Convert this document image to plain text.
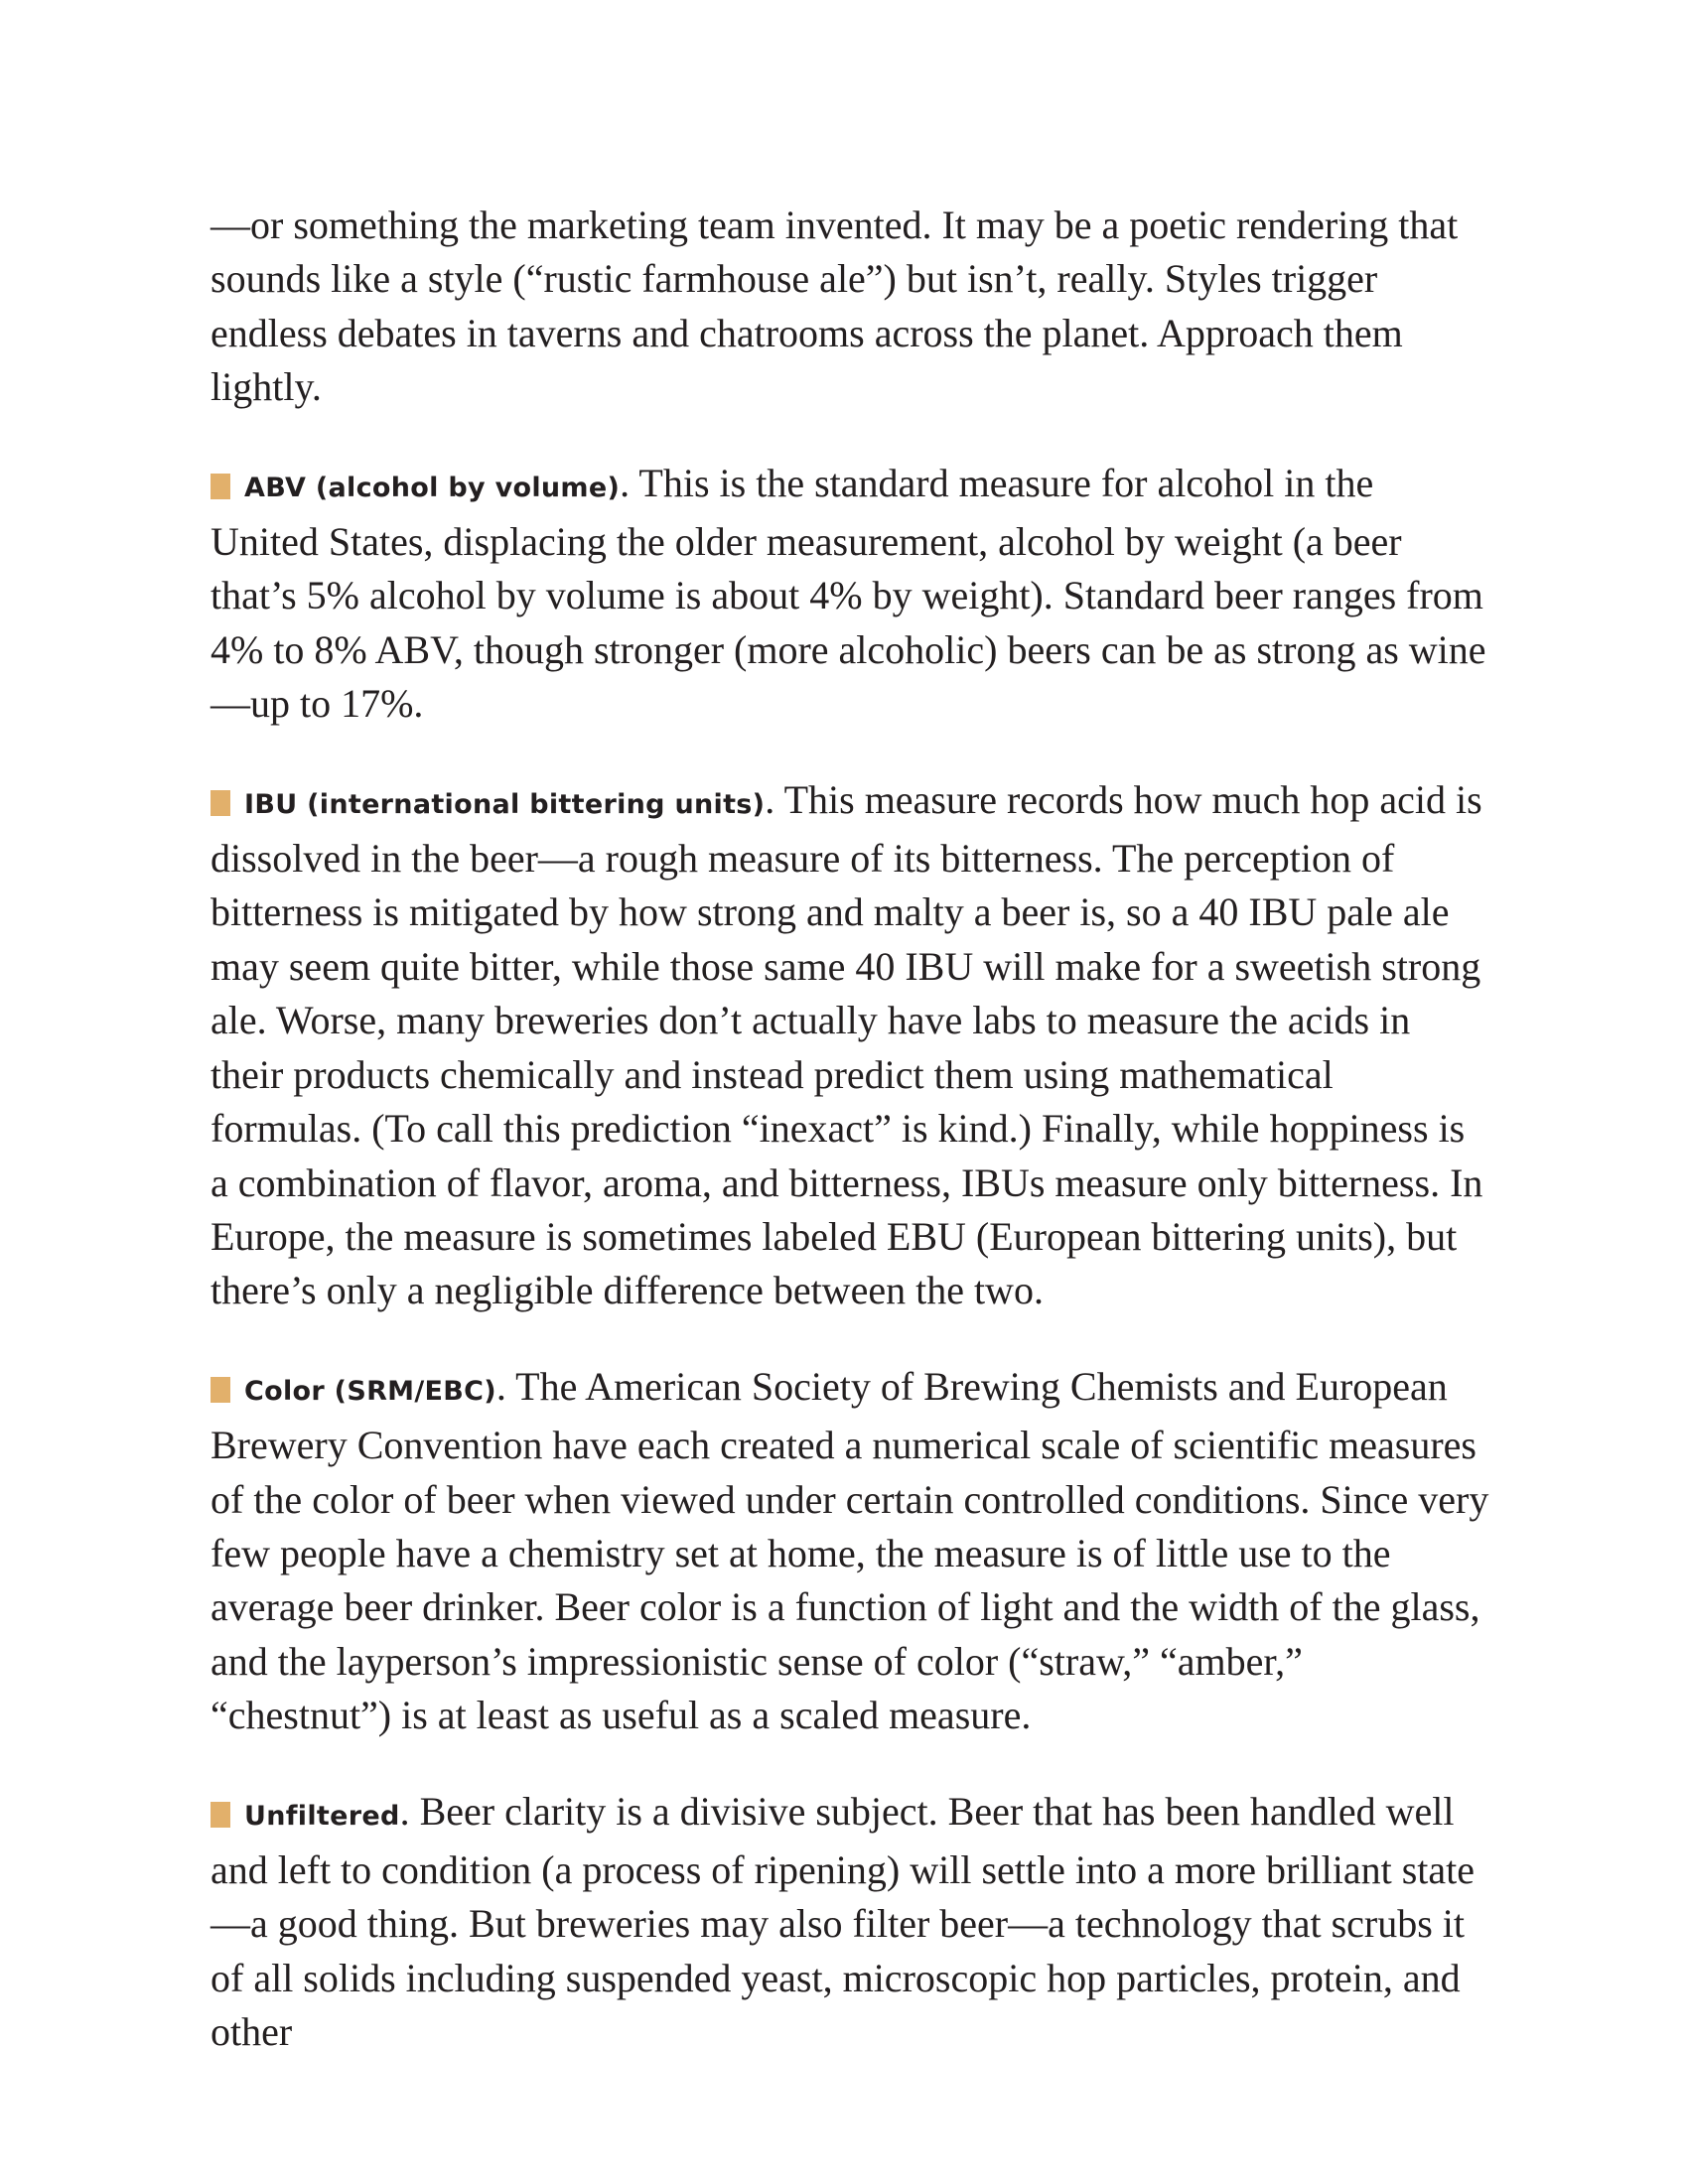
—or something the marketing team invented. It may be a poetic rendering that sounds like a style (“rustic farmhouse ale”) but isn’t, really. Styles trigger endless debates in taverns and chatrooms across the planet. Approach them lightly.

ABV (alcohol by volume). This is the standard measure for alcohol in the United States, displacing the older measurement, alcohol by weight (a beer that’s 5% alcohol by volume is about 4% by weight). Standard beer ranges from 4% to 8% ABV, though stronger (more alcoholic) beers can be as strong as wine—up to 17%.

IBU (international bittering units). This measure records how much hop acid is dissolved in the beer—a rough measure of its bitterness. The perception of bitterness is mitigated by how strong and malty a beer is, so a 40 IBU pale ale may seem quite bitter, while those same 40 IBU will make for a sweetish strong ale. Worse, many breweries don’t actually have labs to measure the acids in their products chemically and instead predict them using mathematical formulas. (To call this prediction “inexact” is kind.) Finally, while hoppiness is a combination of flavor, aroma, and bitterness, IBUs measure only bitterness. In Europe, the measure is sometimes labeled EBU (European bittering units), but there’s only a negligible difference between the two.

Color (SRM/EBC). The American Society of Brewing Chemists and European Brewery Convention have each created a numerical scale of scientific measures of the color of beer when viewed under certain controlled conditions. Since very few people have a chemistry set at home, the measure is of little use to the average beer drinker. Beer color is a function of light and the width of the glass, and the layperson’s impressionistic sense of color (“straw,” “amber,” “chestnut”) is at least as useful as a scaled measure.

Unfiltered. Beer clarity is a divisive subject. Beer that has been handled well and left to condition (a process of ripening) will settle into a more brilliant state—a good thing. But breweries may also filter beer—a technology that scrubs it of all solids including suspended yeast, microscopic hop particles, protein, and other
